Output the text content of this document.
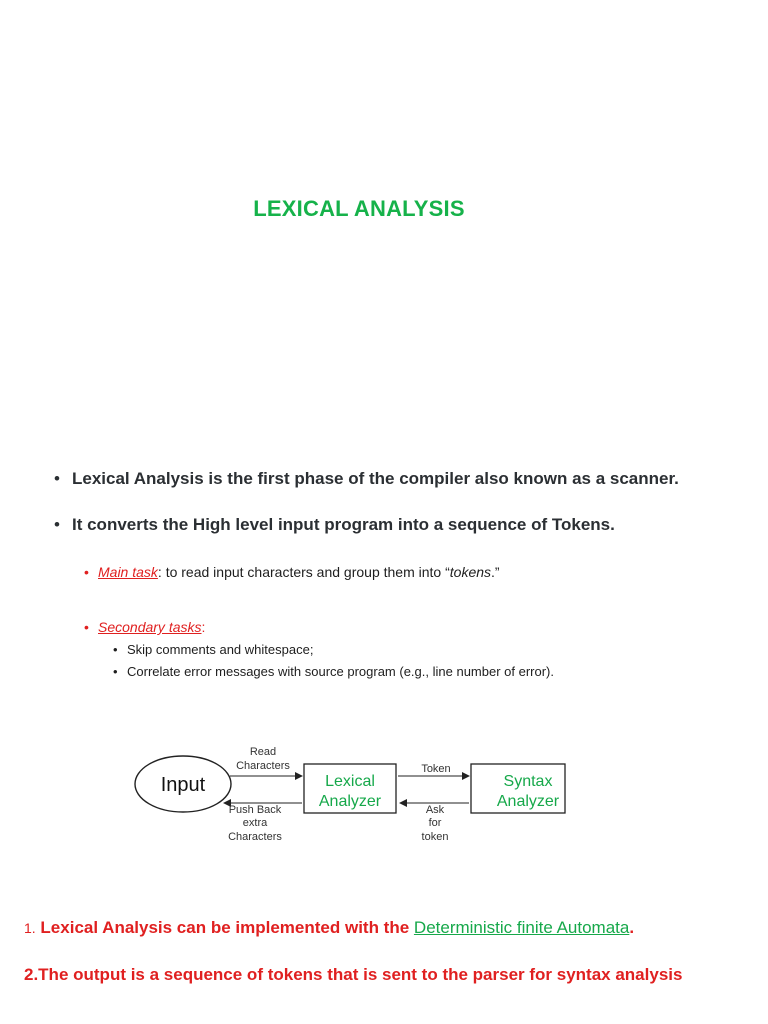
LEXICAL ANALYSIS
• Lexical Analysis is the first phase of the compiler also known as a scanner.
• It converts the High level input program into a sequence of Tokens.
• Main task: to read input characters and group them into “tokens.”
• Secondary tasks:
• Skip comments and whitespace;
• Correlate error messages with source program (e.g., line number of error).
Input	Lexical
Analyzer
Syntax
Analyzer
Read
Characters
Push Back
extra
Characters
Token
Ask
for
token
1. Lexical Analysis can be implemented with the Deterministic finite Automata.
2.The output is a sequence of tokens that is sent to the parser for syntax analysis
